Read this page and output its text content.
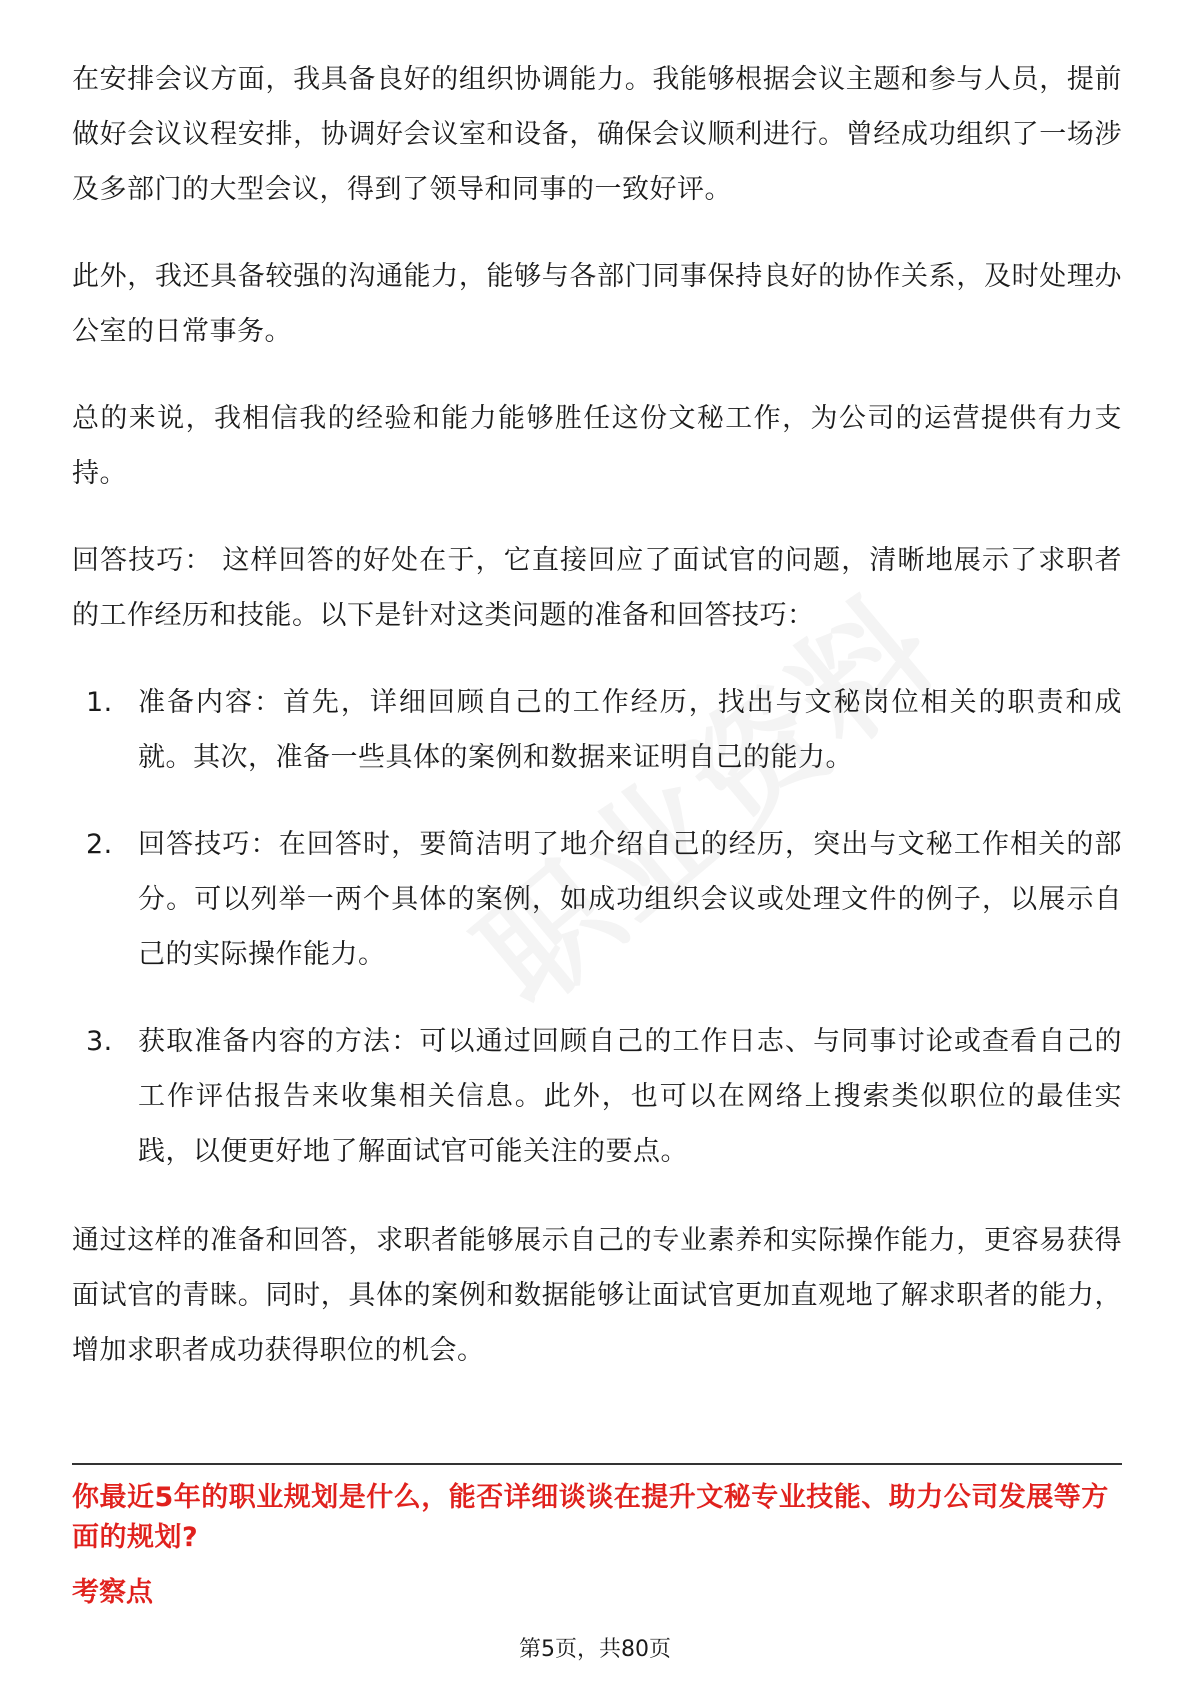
在安排会议方面，我具备良好的组织协调能力。我能够根据会议主题和参与人员，提前做好会议议程安排，协调好会议室和设备，确保会议顺利进行。曾经成功组织了一场涉及多部门的大型会议，得到了领导和同事的一致好评。

此外，我还具备较强的沟通能力，能够与各部门同事保持良好的协作关系，及时处理办公室的日常事务。

总的来说，我相信我的经验和能力能够胜任这份文秘工作，为公司的运营提供有力支持。

回答技巧： 这样回答的好处在于，它直接回应了面试官的问题，清晰地展示了求职者的工作经历和技能。以下是针对这类问题的准备和回答技巧：

1. 准备内容：首先，详细回顾自己的工作经历，找出与文秘岗位相关的职责和成就。其次，准备一些具体的案例和数据来证明自己的能力。
2. 回答技巧：在回答时，要简洁明了地介绍自己的经历，突出与文秘工作相关的部分。可以列举一两个具体的案例，如成功组织会议或处理文件的例子，以展示自己的实际操作能力。
3. 获取准备内容的方法：可以通过回顾自己的工作日志、与同事讨论或查看自己的工作评估报告来收集相关信息。此外，也可以在网络上搜索类似职位的最佳实践，以便更好地了解面试官可能关注的要点。

通过这样的准备和回答，求职者能够展示自己的专业素养和实际操作能力，更容易获得面试官的青睐。同时，具体的案例和数据能够让面试官更加直观地了解求职者的能力，增加求职者成功获得职位的机会。

你最近5年的职业规划是什么，能否详细谈谈在提升文秘专业技能、助力公司发展等方面的规划?
考察点
第5页，共80页
